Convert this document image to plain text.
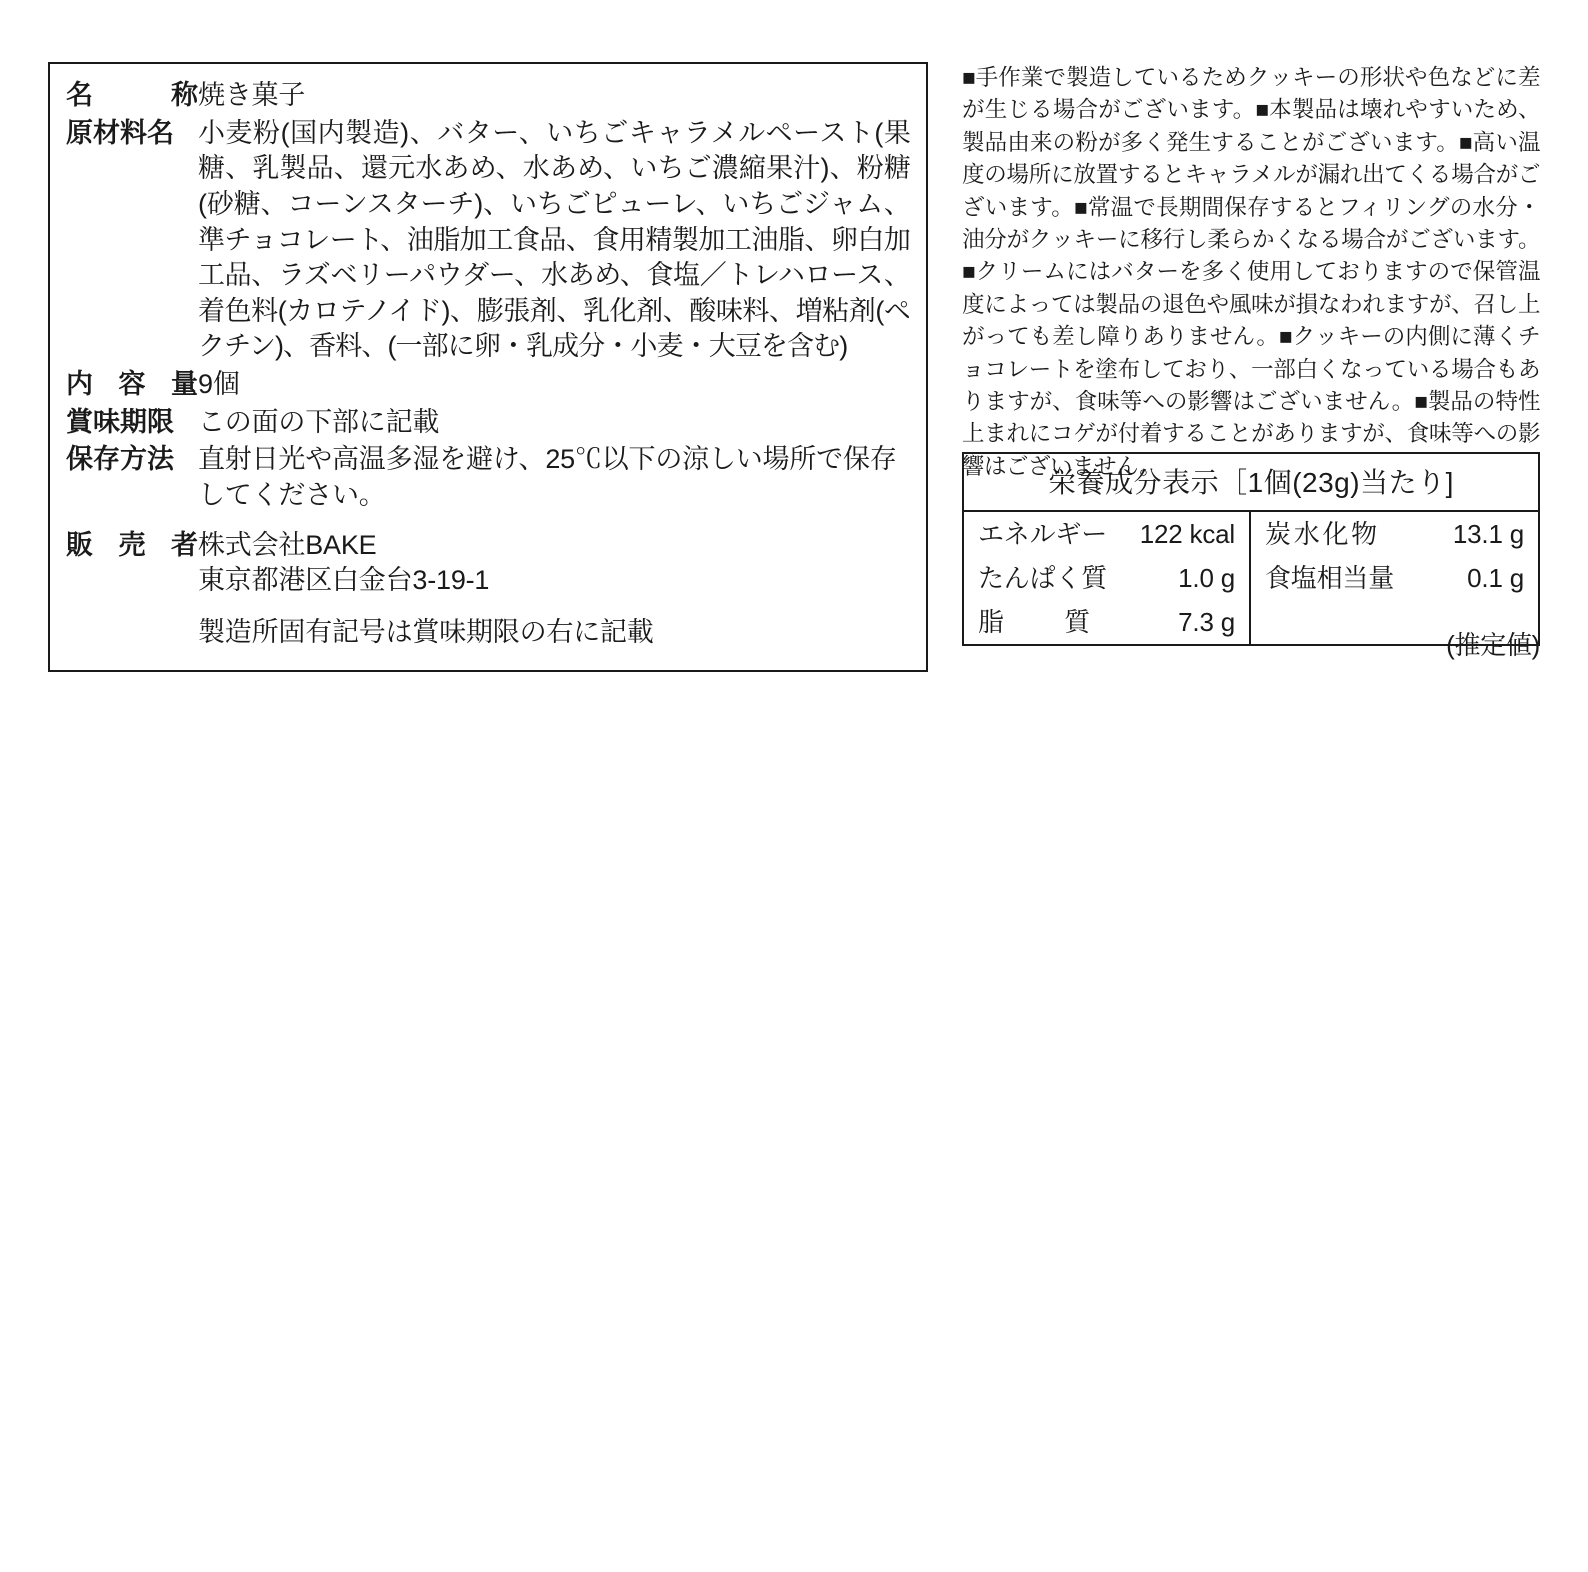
名	称 焼き菓子
原材料名 小麦粉(国内製造)、バター、いちごキャラメルペースト(果糖、乳製品、還元水あめ、水あめ、いちご濃縮果汁)、粉糖(砂糖、コーンスターチ)、いちごピューレ、いちごジャム、準チョコレート、油脂加工食品、食用精製加工油脂、卵白加工品、ラズベリーパウダー、水あめ、食塩／トレハロース、着色料(カロテノイド)、膨張剤、乳化剤、酸味料、増粘剤(ペクチン)、香料、(一部に卵・乳成分・小麦・大豆を含む)
内 容 量 9個
賞味期限 この面の下部に記載
保存方法 直射日光や高温多湿を避け、25℃以下の涼しい場所で保存してください。
販 売 者 株式会社BAKE
東京都港区白金台3-19-1
製造所固有記号は賞味期限の右に記載
■手作業で製造しているためクッキーの形状や色などに差が生じる場合がございます。■本製品は壊れやすいため、製品由来の粉が多く発生することがございます。■高い温度の場所に放置するとキャラメルが漏れ出てくる場合がございます。■常温で長期間保存するとフィリングの水分・油分がクッキーに移行し柔らかくなる場合がございます。■クリームにはバターを多く使用しておりますので保管温度によっては製品の退色や風味が損なわれますが、召し上がっても差し障りありません。■クッキーの内側に薄くチョコレートを塗布しており、一部白くなっている場合もありますが、食味等への影響はございません。■製品の特性上まれにコゲが付着することがありますが、食味等への影響はございません。
栄養成分表示［1個(23g)当たり]
エネルギー 122 kcal
たんぱく質	1.0 g
脂 質	7.3 g
炭 水 化 物	13.1 g
食塩相当量	0.1 g
(推定値)
